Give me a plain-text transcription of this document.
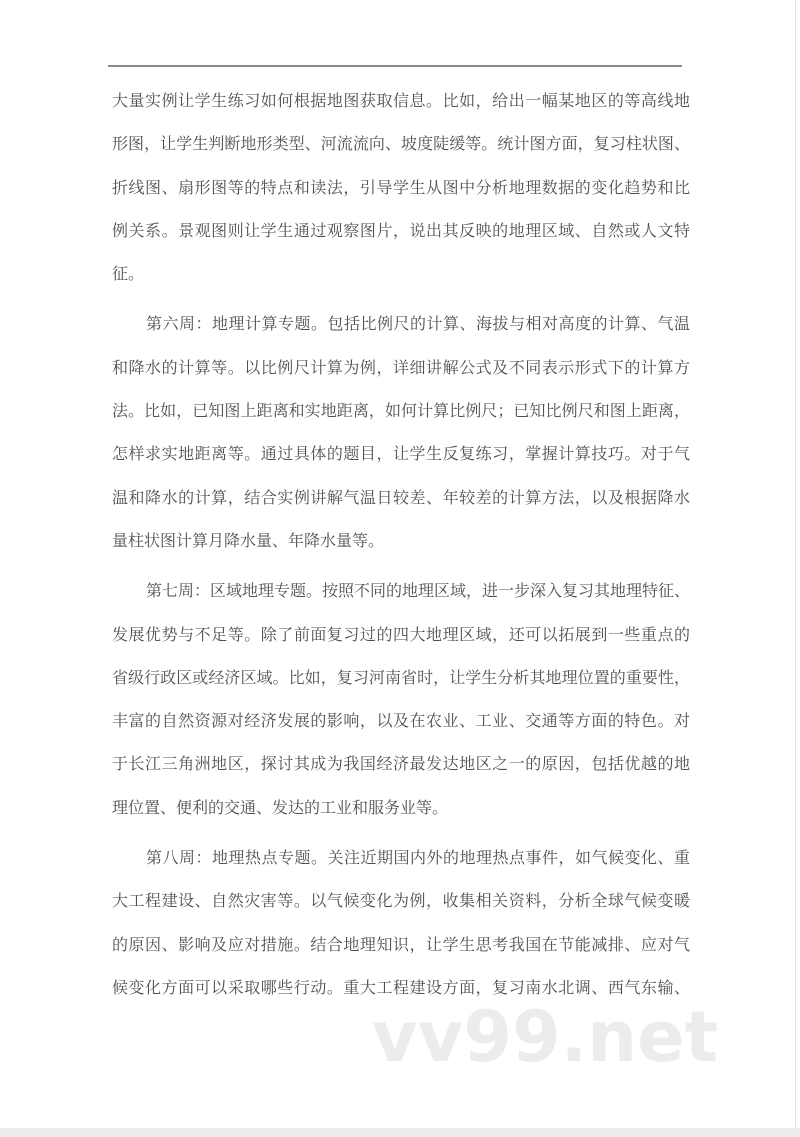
大量实例让学生练习如何根据地图获取信息。比如，给出一幅某地区的等高线地
形图，让学生判断地形类型、河流流向、坡度陡缓等。统计图方面，复习柱状图、
折线图、扇形图等的特点和读法，引导学生从图中分析地理数据的变化趋势和比
例关系。景观图则让学生通过观察图片，说出其反映的地理区域、自然或人文特
征。
第六周：地理计算专题。包括比例尺的计算、海拔与相对高度的计算、气温
和降水的计算等。以比例尺计算为例，详细讲解公式及不同表示形式下的计算方
法。比如，已知图上距离和实地距离，如何计算比例尺；已知比例尺和图上距离，
怎样求实地距离等。通过具体的题目，让学生反复练习，掌握计算技巧。对于气
温和降水的计算，结合实例讲解气温日较差、年较差的计算方法，以及根据降水
量柱状图计算月降水量、年降水量等。
第七周：区域地理专题。按照不同的地理区域，进一步深入复习其地理特征、
发展优势与不足等。除了前面复习过的四大地理区域，还可以拓展到一些重点的
省级行政区或经济区域。比如，复习河南省时，让学生分析其地理位置的重要性，
丰富的自然资源对经济发展的影响，以及在农业、工业、交通等方面的特色。对
于长江三角洲地区，探讨其成为我国经济最发达地区之一的原因，包括优越的地
理位置、便利的交通、发达的工业和服务业等。
第八周：地理热点专题。关注近期国内外的地理热点事件，如气候变化、重
大工程建设、自然灾害等。以气候变化为例，收集相关资料，分析全球气候变暖
的原因、影响及应对措施。结合地理知识，让学生思考我国在节能减排、应对气
候变化方面可以采取哪些行动。重大工程建设方面，复习南水北调、西气东输、
vv99.net
